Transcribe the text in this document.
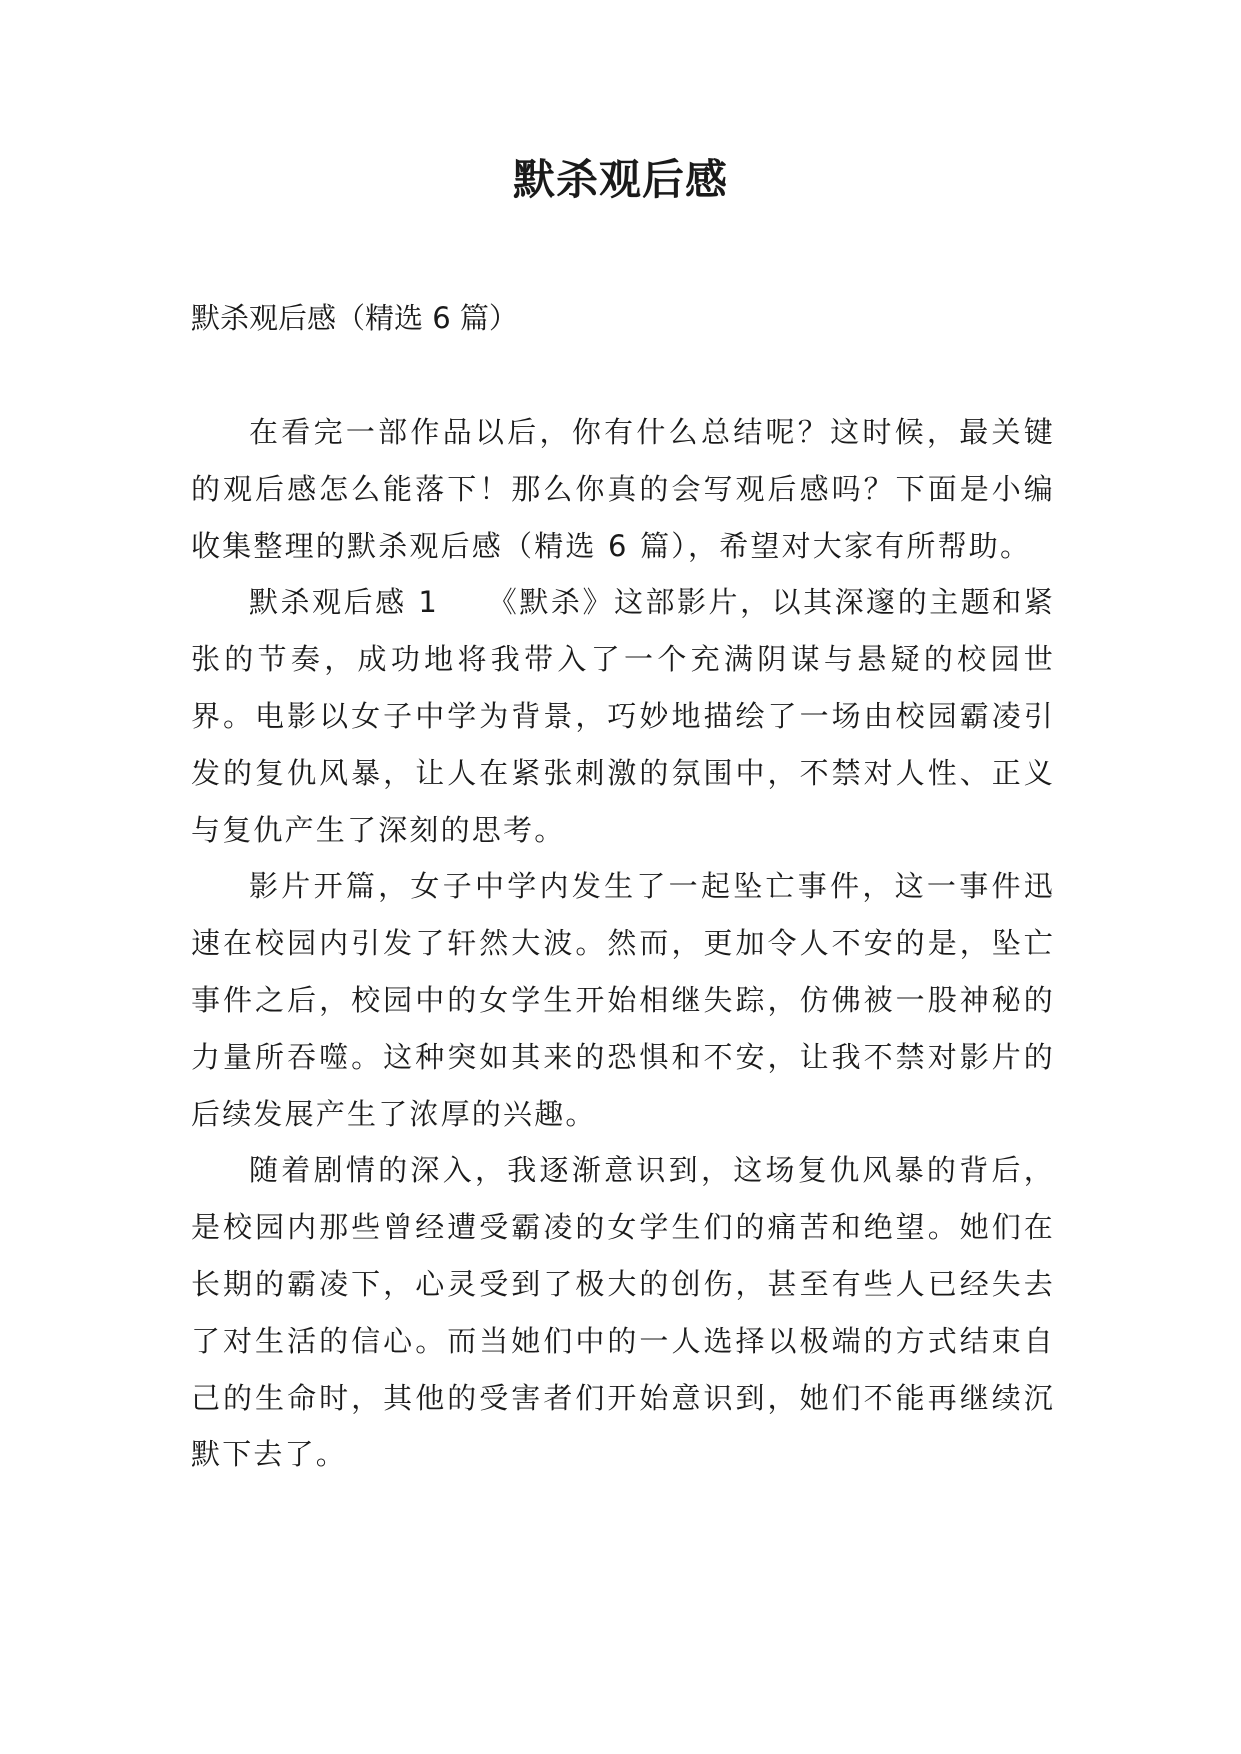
默杀观后感

默杀观后感（精选 6 篇）

在看完一部作品以后，你有什么总结呢？这时候，最关键的观后感怎么能落下！那么你真的会写观后感吗？下面是小编收集整理的默杀观后感（精选 6 篇），希望对大家有所帮助。

默杀观后感 1　　《默杀》这部影片，以其深邃的主题和紧张的节奏，成功地将我带入了一个充满阴谋与悬疑的校园世界。电影以女子中学为背景，巧妙地描绘了一场由校园霸凌引发的复仇风暴，让人在紧张刺激的氛围中，不禁对人性、正义与复仇产生了深刻的思考。

影片开篇，女子中学内发生了一起坠亡事件，这一事件迅速在校园内引发了轩然大波。然而，更加令人不安的是，坠亡事件之后，校园中的女学生开始相继失踪，仿佛被一股神秘的力量所吞噬。这种突如其来的恐惧和不安，让我不禁对影片的后续发展产生了浓厚的兴趣。

随着剧情的深入，我逐渐意识到，这场复仇风暴的背后，是校园内那些曾经遭受霸凌的女学生们的痛苦和绝望。她们在长期的霸凌下，心灵受到了极大的创伤，甚至有些人已经失去了对生活的信心。而当她们中的一人选择以极端的方式结束自己的生命时，其他的受害者们开始意识到，她们不能再继续沉默下去了。
